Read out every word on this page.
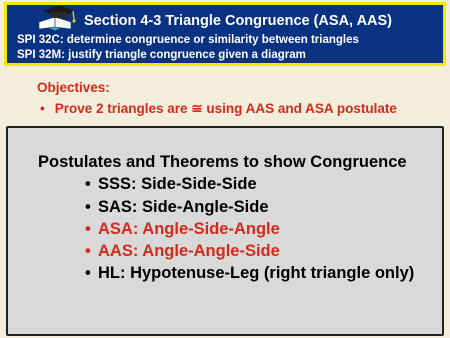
Section 4-3 Triangle Congruence (ASA, AAS)
SPI 32C: determine congruence or similarity between triangles
SPI 32M: justify triangle congruence given a diagram
Objectives:
• Prove 2 triangles are ≅ using AAS and ASA postulate
Postulates and Theorems to show Congruence
• SSS: Side-Side-Side
• SAS: Side-Angle-Side
• ASA: Angle-Side-Angle
• AAS: Angle-Angle-Side
• HL: Hypotenuse-Leg (right triangle only)
